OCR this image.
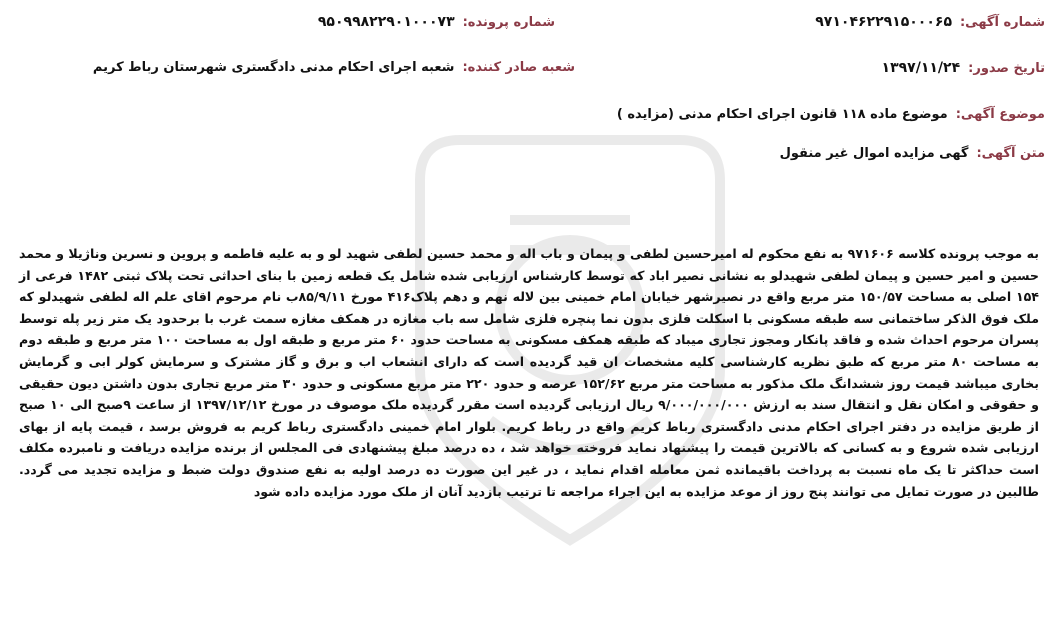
شماره آگهی:
۹۷۱۰۴۶۲۲۹۱۵۰۰۰۶۵
شماره پرونده:
۹۵۰۹۹۸۲۲۹۰۱۰۰۰۷۳
تاریخ صدور:
۱۳۹۷/۱۱/۲۴
شعبه صادر کننده:
شعبه اجرای احکام مدنی دادگستری شهرستان رباط کریم
موضوع آگهی:
موضوع ماده ۱۱۸ قانون اجرای احکام مدنی (مزایده )
متن آگهی:
گهی مزایده اموال غیر منقول
به موجب پرونده کلاسه ۹۷۱۶۰۶ به نفع محکوم له امیرحسین لطفی و پیمان و باب اله و محمد حسین لطفی شهید لو و به علیه فاطمه و پروین و نسرین وناژیلا و محمد حسین و امیر حسین و پیمان لطفی شهیدلو به نشانی نصیر اباد که توسط کارشناس ارزیابی شده شامل یک قطعه زمین با بنای احداثی تحت پلاک ثبتی ۱۴۸۲ فرعی از ۱۵۴ اصلی به مساحت ۱۵۰/۵۷ متر مربع واقع در نصیرشهر خیابان امام خمینی بین لاله نهم و دهم پلاک۴۱۶ مورخ ۸۵/۹/۱۱ب نام مرحوم اقای علم اله لطفی شهیدلو که ملک فوق الذکر ساختمانی سه طبقه مسکونی با اسکلت فلزی بدون نما پنچره فلزی شامل سه باب مغازه در همکف مغازه سمت غرب با برحدود یک متر زیر پله توسط پسران مرحوم احداث شده و فاقد پانکار ومجوز تجاری میباد که طبقه همکف مسکونی به مساحت حدود ۶۰ متر مربع و طبقه اول به مساحت ۱۰۰ متر مربع و طبقه دوم به مساحت ۸۰ متر مربع که طبق نظریه کارشناسی کلیه مشخصات ان قید گردیده است که دارای انشعاب اب و برق و گاز مشترک و سرمایش کولر ابی و گرمایش بخاری میباشد قیمت روز ششدانگ ملک مذکور به مساحت متر مربع ۱۵۲/۶۲ عرصه و حدود ۲۲۰ متر مربع مسکونی و حدود ۳۰ متر مربع تجاری بدون داشتن دیون حقیقی و حقوقی و امکان نقل و انتقال سند به ارزش ۹/۰۰۰/۰۰۰/۰۰۰ ریال ارزیابی گردیده است مقرر گردیده ملک موصوف در مورخ ۱۳۹۷/۱۲/۱۲ از ساعت ۹صبح الی ۱۰ صبح از طریق مزایده در دفتر اجرای احکام مدنی دادگستری رباط کریم واقع در رباط کریم. بلوار امام خمینی دادگستری رباط کریم به فروش برسد ، قیمت پایه از بهای ارزیابی شده شروع و به کسانی که بالاترین قیمت را پیشنهاد نماید فروخته خواهد شد ، ده درصد مبلغ پیشنهادی فی المجلس از برنده مزایده دریافت و نامبرده مکلف است حداکثر تا یک ماه نسبت به پرداخت باقیمانده ثمن معامله اقدام نماید ، در غیر این صورت ده درصد اولیه به نفع صندوق دولت ضبط و مزایده تجدید می گردد. طالبین در صورت تمایل می توانند پنج روز از موعد مزایده به این اجراء مراجعه تا ترتیب بازدید آنان از ملک مورد مزایده داده شود
